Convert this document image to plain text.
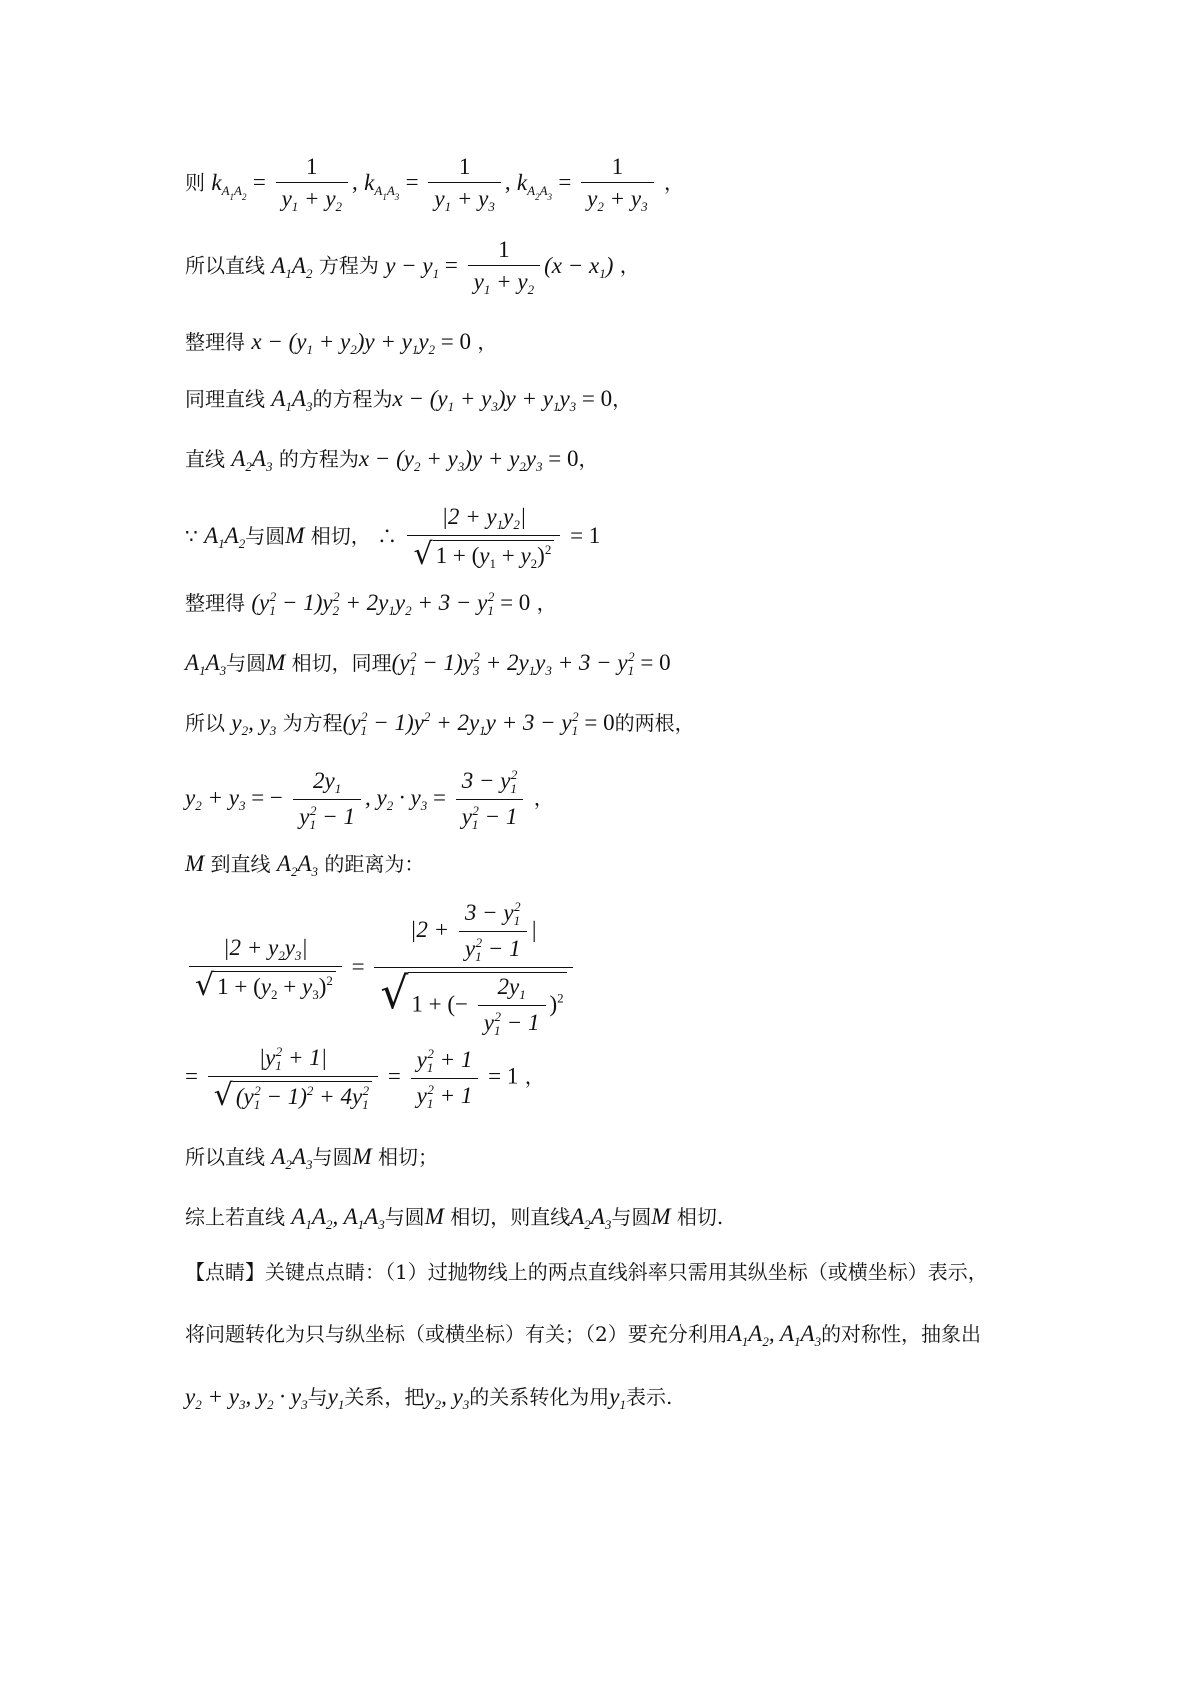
则 $k_{A_1A_2} = \frac{1}{y_1 + y_2}$ , $k_{A_1A_3} = \frac{1}{y_1 + y_3}$ , $k_{A_2A_3} = \frac{1}{y_2 + y_3}$ ，
所以直线 $A_1A_2$ 方程为 $y - y_1 = \frac{1}{y_1 + y_2} (x - x_1)$ ，
整理得 $x - (y_1 + y_2)y + y_1y_2 = 0$ ，
同理直线 $A_1A_3$的方程为$x - (y_1 + y_3)y + y_1y_3 = 0$，
直线 $A_2A_3$ 的方程为$x - (y_2 + y_3)y + y_2y_3 = 0$，
∵ $A_1A_2$与圆M 相切， ∴ $\frac{|2 + y_1y_2|}{√ 1 + (y_1 + y_2)^2} = 1$
整理得 $(y_1^2 - 1)y_2^2 + 2y_1y_2 + 3 - y_1^2 = 0$ ，
$A_1A_3$与圆M 相切，同理$(y_1^2 - 1)y_3^2 + 2y_1y_3 + 3 - y_1^2 = 0$
所以 $y_2$, $y_3$ 为方程$(y_1^2 - 1)y^2 + 2y_1y + 3 - y_1^2 = 0$的两根，
$y_2 + y_3$ = − $\frac{2y_1}{y_1^2 - 1}$ , $y_2 \cdot y_3 = \frac{3 - y_1^2}{y_1^2 - 1}$ ，
M 到直线 $A_2A_3$ 的距离为：
$\frac{|2 + y_2y_3|}{√ 1 + (y_2 + y_3)^2} = \frac{|2 + \frac{3 - y_1^2}{y_1^2 - 1} |}{√ 1 + (- \frac{2y_1}{y_1^2 - 1} )^2}$
= $\frac{|y_1^2 + 1|}{√ (y_1^2 - 1)^2 + 4y_1^2} = \frac{y_1^2 + 1}{y_1^2 + 1} = 1$ ，
所以直线 $A_2A_3$与圆M 相切；
综上若直线 $A_1A_2$, $A_1A_3$与圆M 相切，则直线$A_2A_3$与圆M 相切.
【点睛】关键点点睛：（1）过抛物线上的两点直线斜率只需用其纵坐标（或横坐标）表示，
将问题转化为只与纵坐标（或横坐标）有关；（2）要充分利用$A_1A_2$, $A_1A_3$的对称性，抽象出
$y_2 + y_3$, $y_2 \cdot y_3$与$y_1$关系，把$y_2$, $y_3$的关系转化为用$y_1$表示.
